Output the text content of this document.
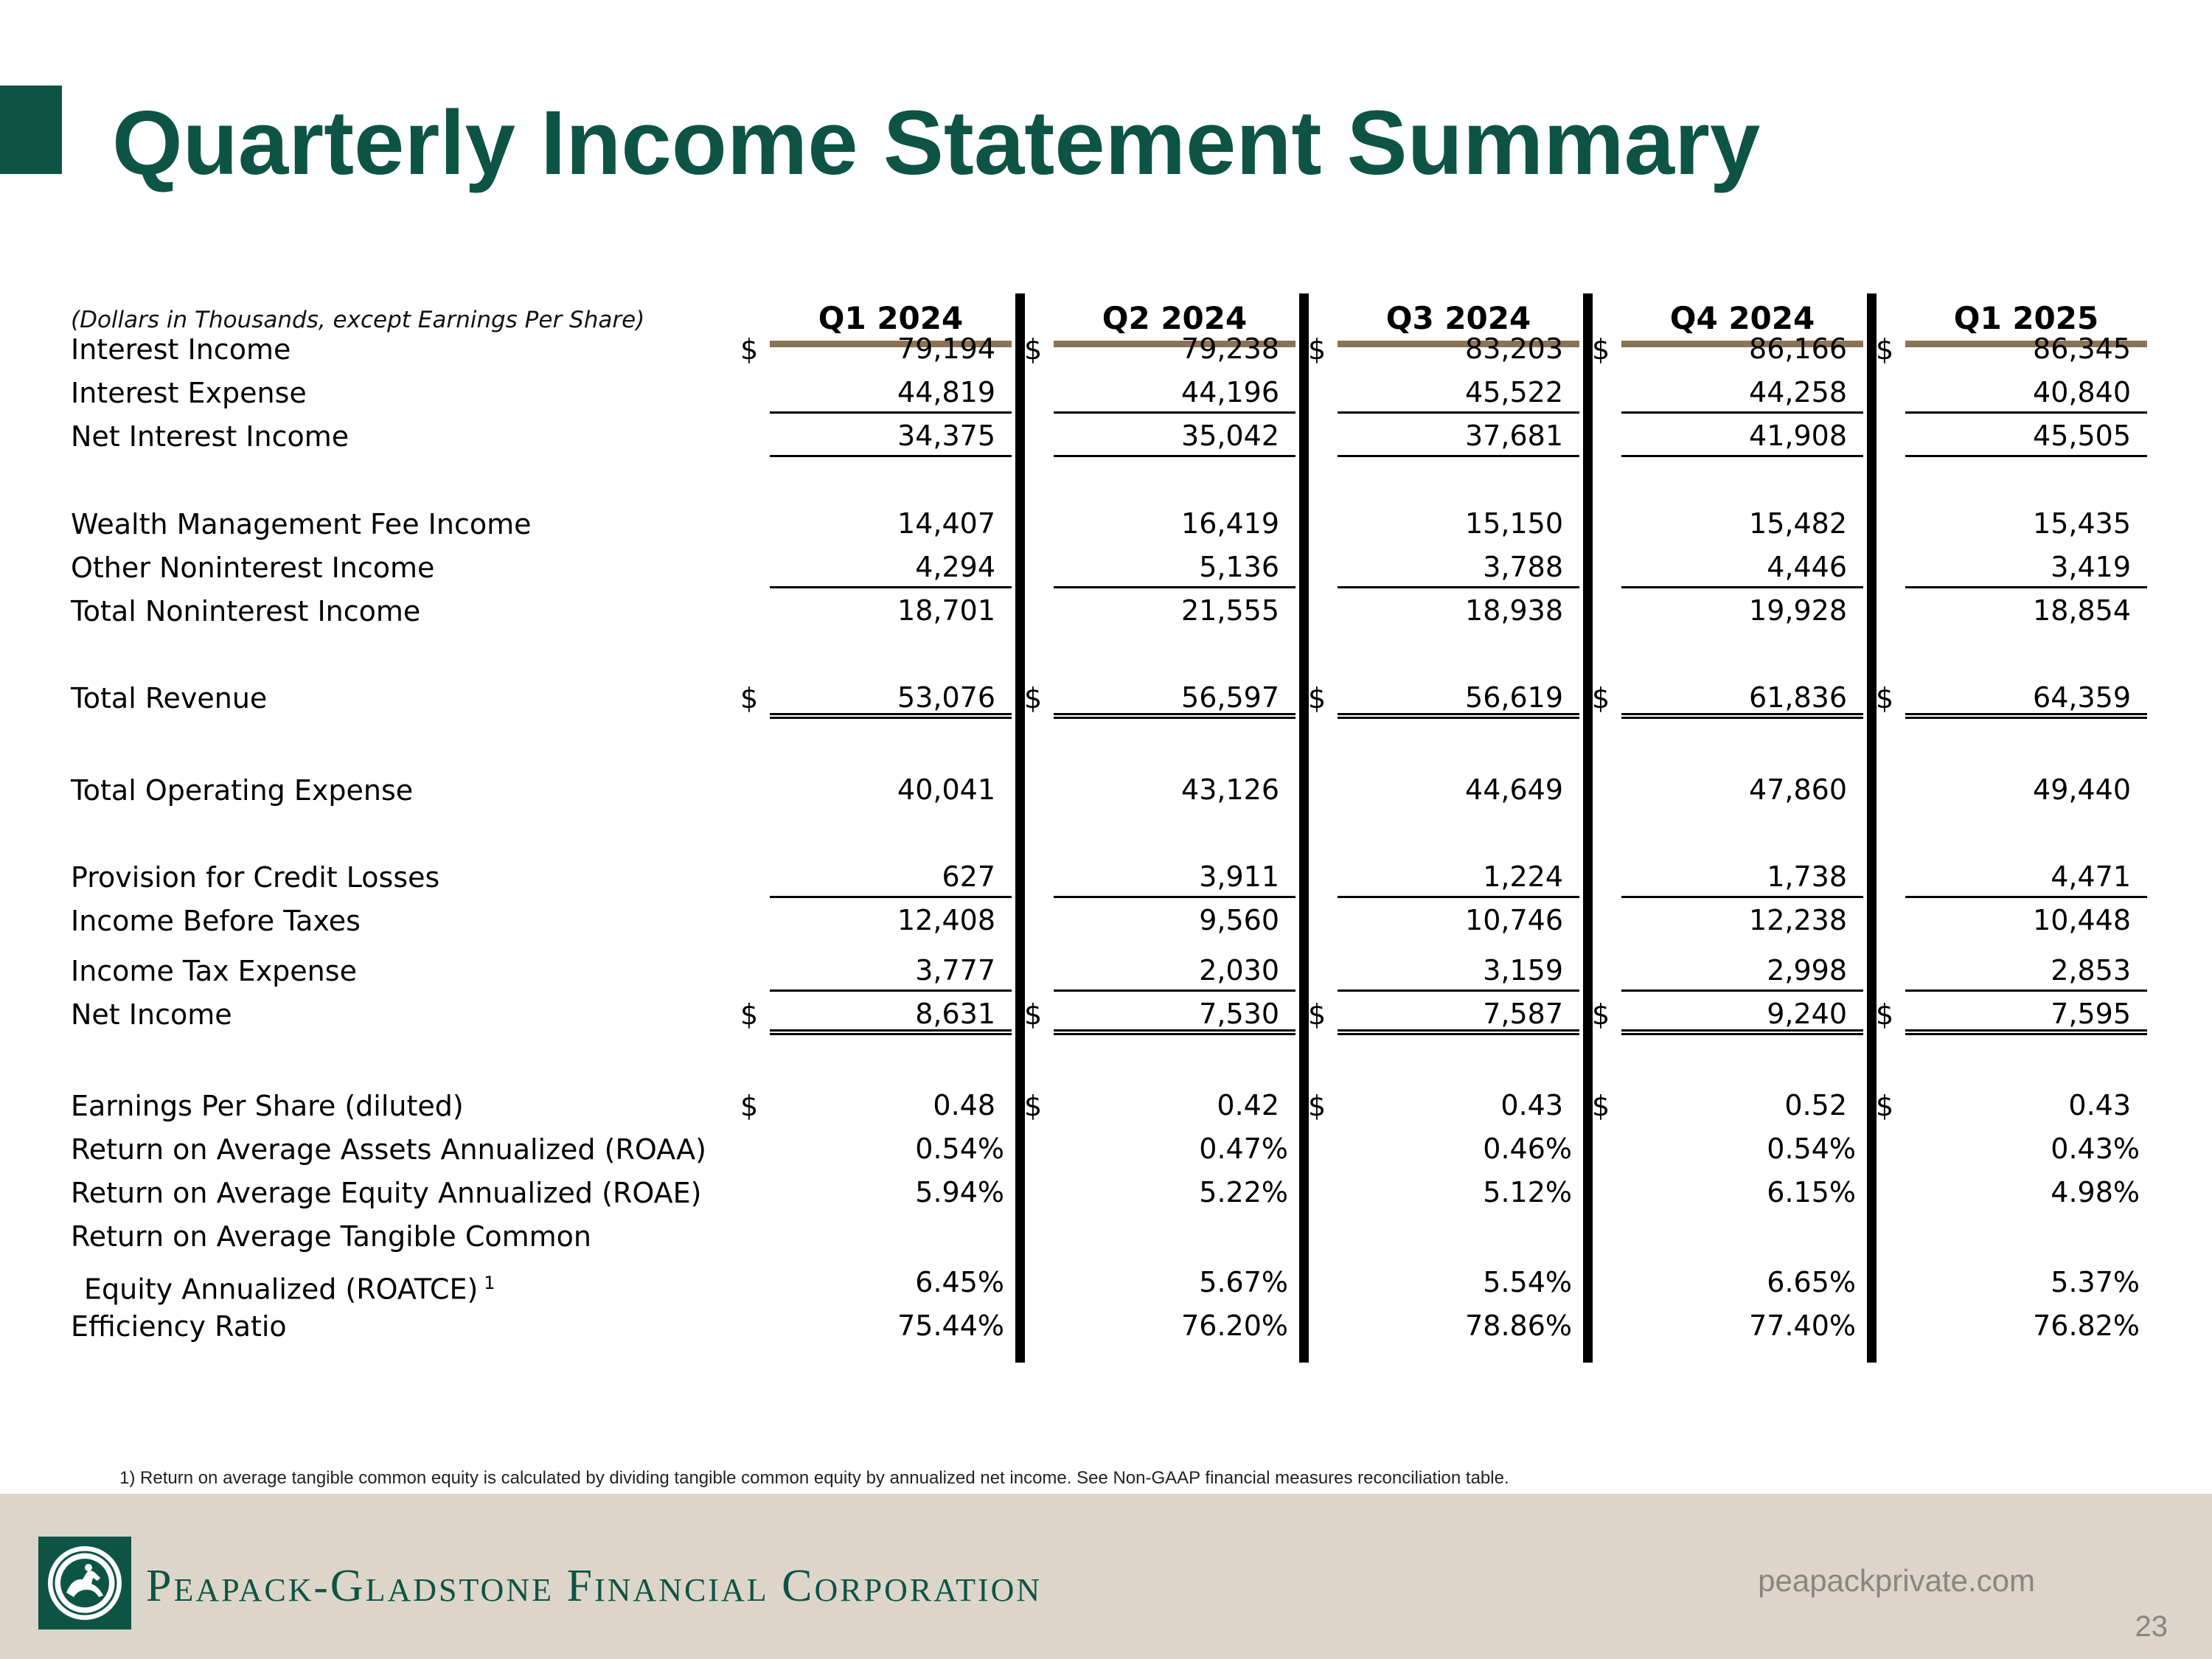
Quarterly Income Statement Summary
(Dollars in Thousands, except Earnings Per Share)	Q1 2024	Q2 2024	Q3 2024	Q4 2024	Q1 2025
Interest Income	$	79,194	$	79,238	$	83,203	$	86,166	$	86,345
Interest Expense	44,819	44,196	45,522	44,258	40,840
Net Interest Income	34,375	35,042	37,681	41,908	45,505
Wealth Management Fee Income	14,407	16,419	15,150	15,482	15,435
Other Noninterest Income	4,294	5,136	3,788	4,446	3,419
Total Noninterest Income	18,701	21,555	18,938	19,928	18,854
Total Revenue	$	53,076	$	56,597	$	56,619	$	61,836	$	64,359
Total Operating Expense	40,041	43,126	44,649	47,860	49,440
Provision for Credit Losses	627	3,911	1,224	1,738	4,471
Income Before Taxes	12,408	9,560	10,746	12,238	10,448
Income Tax Expense	3,777	2,030	3,159	2,998	2,853
Net Income	$	8,631	$	7,530	$	7,587	$	9,240	$	7,595
Earnings Per Share (diluted)	$	0.48	$	0.42	$	0.43	$	0.52	$	0.43
Return on Average Assets Annualized (ROAA)	0.54%	0.47%	0.46%	0.54%	0.43%
Return on Average Equity Annualized (ROAE)	5.94%	5.22%	5.12%	6.15%	4.98%
Return on Average Tangible Common
Equity Annualized (ROATCE) $^1$	6.45%	5.67%	5.54%	6.65%	5.37%
Efficiency Ratio	75.44%	76.20%	78.86%	77.40%	76.82%
1) Return on average tangible common equity is calculated by dividing tangible common equity by annualized net income. See Non-GAAP financial measures reconciliation table.
PEAPACK-GLADSTONE FINANCIAL CORPORATION	peapackprivate.com
23
